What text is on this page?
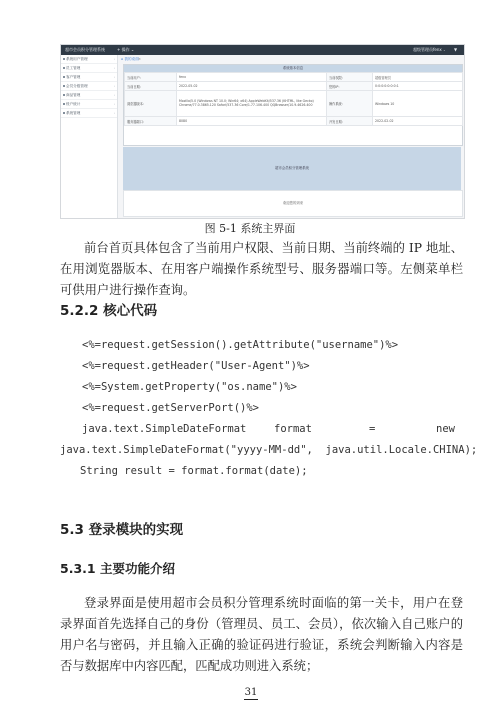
超市会员积分管理系统	+ 操作 ⌄	超级管理员 fenx ⌄ ▼
系统用户管理	›
员工管理	›
客户管理	›
会员分级管理	›
商品管理	›
账户统计	›
系统管理	›
⌂ 我的桌面 ×
系统基本信息
当前用户：	fenx	当前权限：	超级管理员
当前日期：	2022-05-02	您的IP：	0:0:0:0:0:0:0:1
浏览器版本：	Mozilla/5.0 (Windows NT 10.0; Win64; x64) AppleWebKit/537.36 (KHTML, like Gecko) Chrome/77.0.3865.120 Safari/537.36 Core/1.77.106.400 QQBrowser/10.9.4626.400	操作系统：	Windows 10
服务器端口：	8080	开发日期：	2022-02-02
超市会员积分管理系统
欢迎您的到来
图 5-1 系统主界面
前台首页具体包含了当前用户权限、当前日期、当前终端的 IP 地址、在用浏览器版本、在用客户端操作系统型号、服务器端口等。左侧菜单栏可供用户进行操作查询。
5.2.2 核心代码
<%=request.getSession().getAttribute("username")%>
<%=request.getHeader("User-Agent")%>
<%=System.getProperty("os.name")%>
<%=request.getServerPort()%>
java.text.SimpleDateFormat	format	=	new
java.text.SimpleDateFormat("yyyy-MM-dd",  java.util.Locale.CHINA);
String result = format.format(date);
5.3 登录模块的实现
5.3.1 主要功能介绍
登录界面是使用超市会员积分管理系统时面临的第一关卡，用户在登录界面首先选择自己的身份（管理员、员工、会员），依次输入自己账户的用户名与密码，并且输入正确的验证码进行验证，系统会判断输入内容是否与数据库中内容匹配，匹配成功则进入系统；
31
